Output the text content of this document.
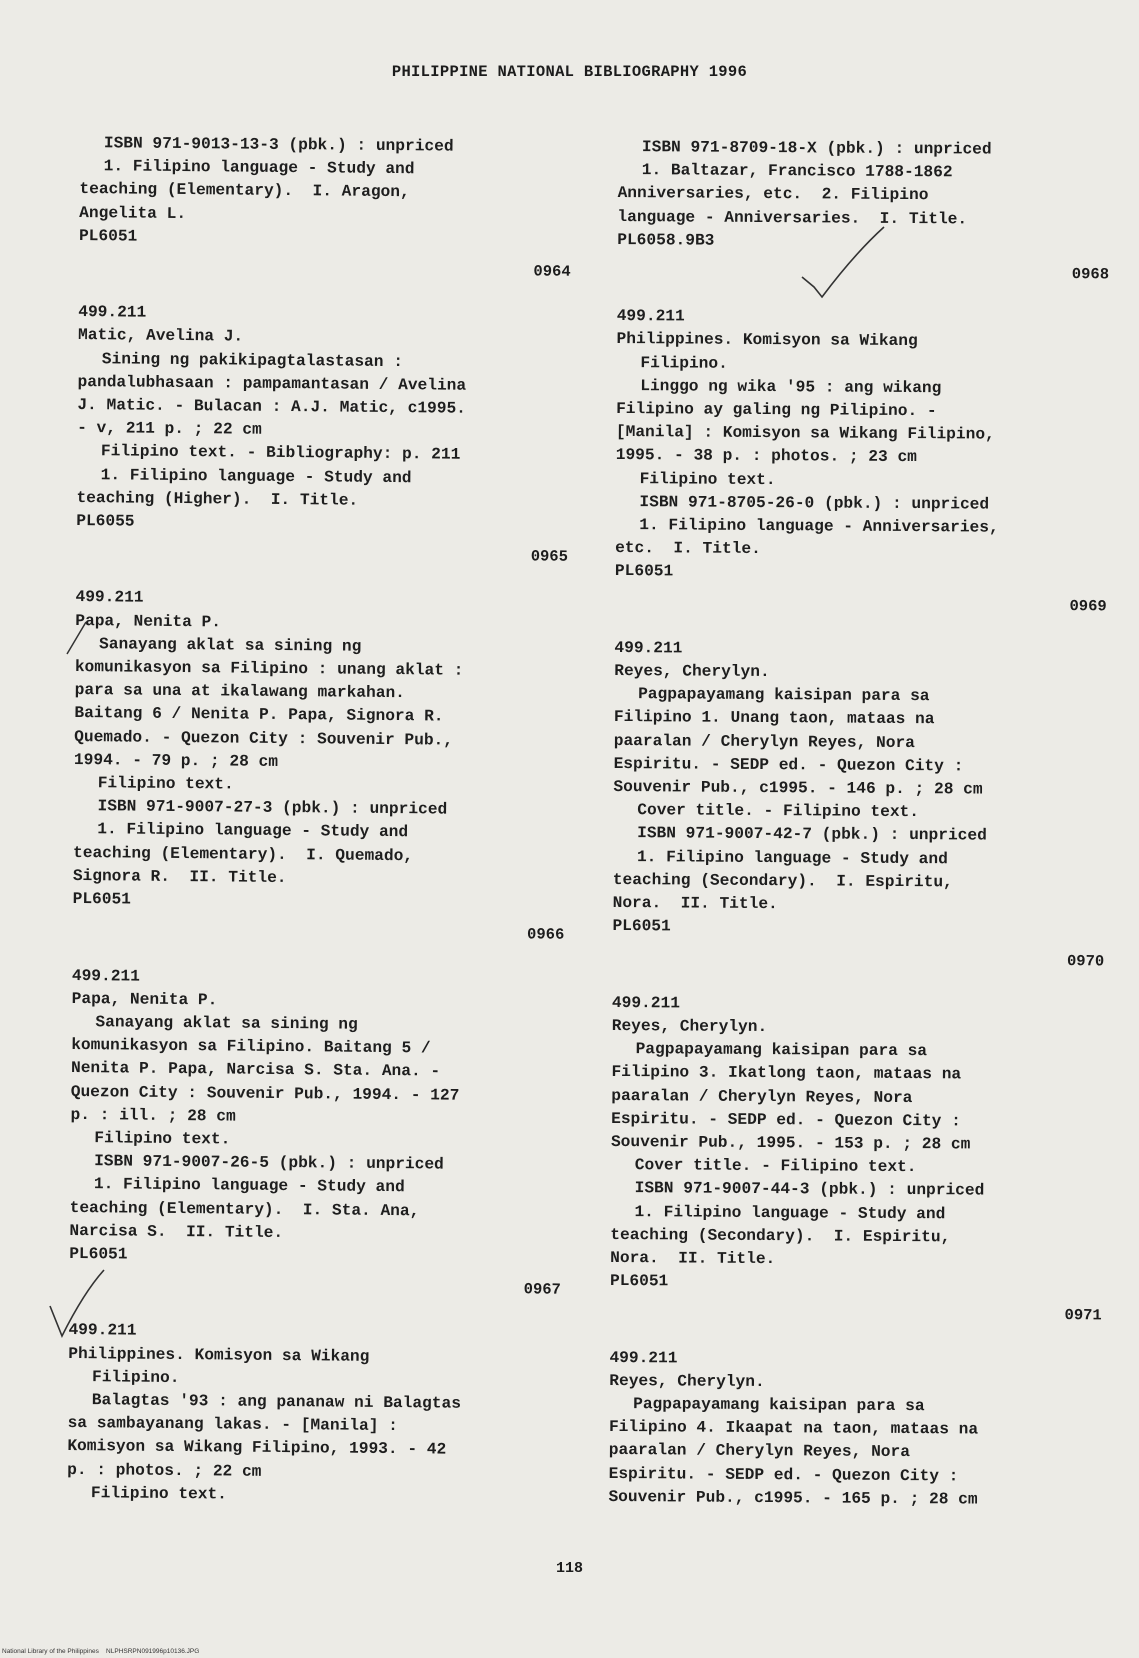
PHILIPPINE NATIONAL BIBLIOGRAPHY 1996
ISBN 971-9013-13-3 (pbk.) : unpriced
1. Filipino language - Study and
teaching (Elementary).  I. Aragon,
Angelita L.
PL6051
0964
499.211
Matic, Avelina J.
Sining ng pakikipagtalastasan :
pandalubhasaan : pampamantasan / Avelina
J. Matic. - Bulacan : A.J. Matic, c1995.
- v, 211 p. ; 22 cm
Filipino text. - Bibliography: p. 211
1. Filipino language - Study and
teaching (Higher).  I. Title.
PL6055
0965
499.211
Papa, Nenita P.
Sanayang aklat sa sining ng
komunikasyon sa Filipino : unang aklat :
para sa una at ikalawang markahan.
Baitang 6 / Nenita P. Papa, Signora R.
Quemado. - Quezon City : Souvenir Pub.,
1994. - 79 p. ; 28 cm
Filipino text.
ISBN 971-9007-27-3 (pbk.) : unpriced
1. Filipino language - Study and
teaching (Elementary).  I. Quemado,
Signora R.  II. Title.
PL6051
0966
499.211
Papa, Nenita P.
Sanayang aklat sa sining ng
komunikasyon sa Filipino. Baitang 5 /
Nenita P. Papa, Narcisa S. Sta. Ana. -
Quezon City : Souvenir Pub., 1994. - 127
p. : ill. ; 28 cm
Filipino text.
ISBN 971-9007-26-5 (pbk.) : unpriced
1. Filipino language - Study and
teaching (Elementary).  I. Sta. Ana,
Narcisa S.  II. Title.
PL6051
0967
499.211
Philippines. Komisyon sa Wikang
Filipino.
Balagtas '93 : ang pananaw ni Balagtas
sa sambayanang lakas. - [Manila] :
Komisyon sa Wikang Filipino, 1993. - 42
p. : photos. ; 22 cm
Filipino text.
ISBN 971-8709-18-X (pbk.) : unpriced
1. Baltazar, Francisco 1788-1862
Anniversaries, etc.  2. Filipino
language - Anniversaries.  I. Title.
PL6058.9B3
0968
499.211
Philippines. Komisyon sa Wikang
Filipino.
Linggo ng wika '95 : ang wikang
Filipino ay galing ng Pilipino. -
[Manila] : Komisyon sa Wikang Filipino,
1995. - 38 p. : photos. ; 23 cm
Filipino text.
ISBN 971-8705-26-0 (pbk.) : unpriced
1. Filipino language - Anniversaries,
etc.  I. Title.
PL6051
0969
499.211
Reyes, Cherylyn.
Pagpapayamang kaisipan para sa
Filipino 1. Unang taon, mataas na
paaralan / Cherylyn Reyes, Nora
Espiritu. - SEDP ed. - Quezon City :
Souvenir Pub., c1995. - 146 p. ; 28 cm
Cover title. - Filipino text.
ISBN 971-9007-42-7 (pbk.) : unpriced
1. Filipino language - Study and
teaching (Secondary).  I. Espiritu,
Nora.  II. Title.
PL6051
0970
499.211
Reyes, Cherylyn.
Pagpapayamang kaisipan para sa
Filipino 3. Ikatlong taon, mataas na
paaralan / Cherylyn Reyes, Nora
Espiritu. - SEDP ed. - Quezon City :
Souvenir Pub., 1995. - 153 p. ; 28 cm
Cover title. - Filipino text.
ISBN 971-9007-44-3 (pbk.) : unpriced
1. Filipino language - Study and
teaching (Secondary).  I. Espiritu,
Nora.  II. Title.
PL6051
0971
499.211
Reyes, Cherylyn.
Pagpapayamang kaisipan para sa
Filipino 4. Ikaapat na taon, mataas na
paaralan / Cherylyn Reyes, Nora
Espiritu. - SEDP ed. - Quezon City :
Souvenir Pub., c1995. - 165 p. ; 28 cm
118
National Library of the Philippines    NLPHSRPN091996p10136.JPG
